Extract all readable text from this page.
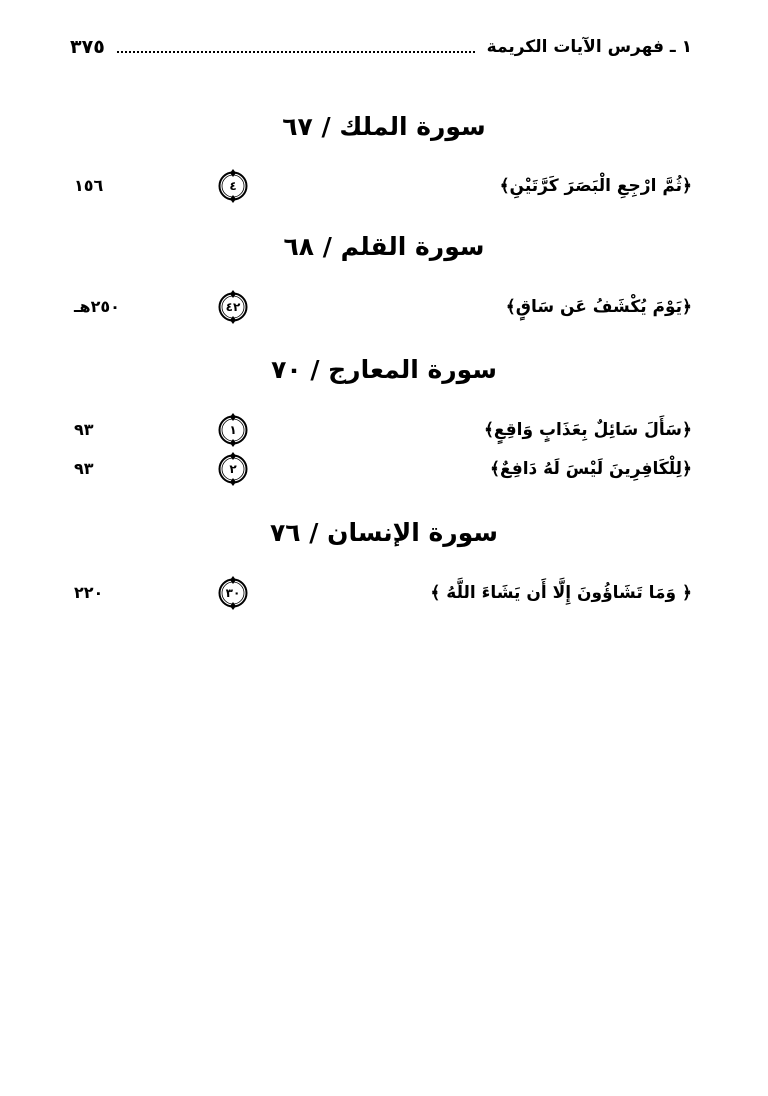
١ ـ فهرس الآيات الكريمة
٣٧٥
سورة الملك / ٦٧
﴿ثُمَّ ارْجِعِ الْبَصَرَ كَرَّتَيْنِ﴾
٤
١٥٦
سورة القلم / ٦٨
﴿يَوْمَ يُكْشَفُ عَن سَاقٍ﴾
٤٢
٢٥٠هـ
سورة المعارج / ٧٠
﴿سَأَلَ سَائِلٌ بِعَذَابٍ وَاقِعٍ﴾
١
٩٣
﴿لِلْكَافِرِينَ لَيْسَ لَهُ دَافِعٌ﴾
٢
٩٣
سورة الإنسان / ٧٦
﴿ وَمَا تَشَاؤُونَ إِلَّا أَن يَشَاءَ اللَّهُ ﴾
٣٠
٢٢٠
